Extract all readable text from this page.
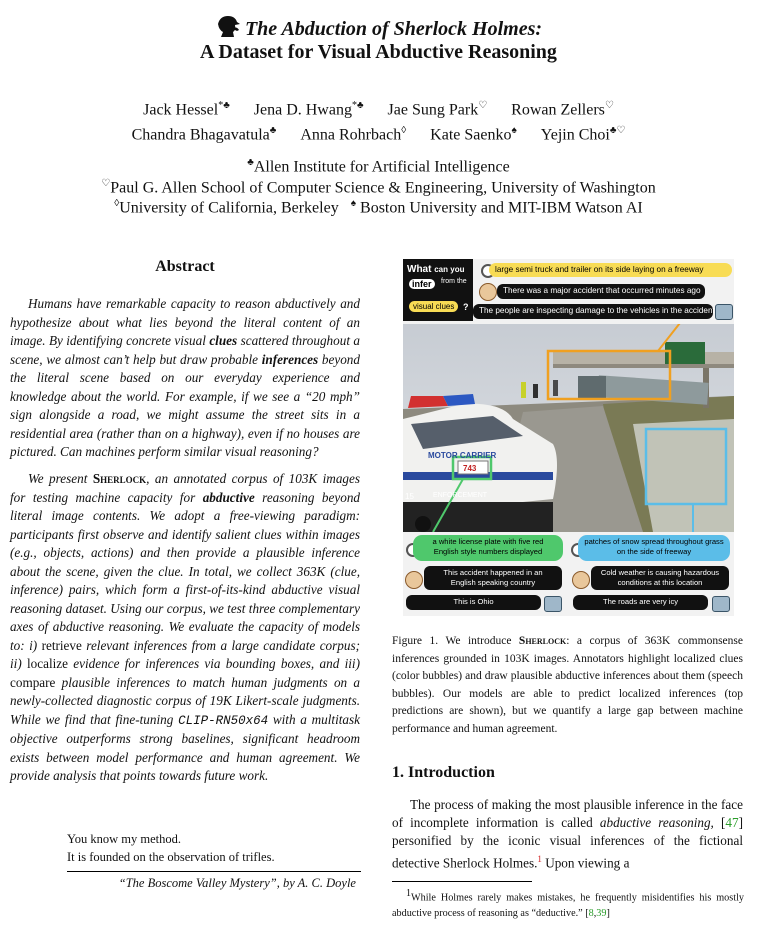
The Abduction of Sherlock Holmes:
A Dataset for Visual Abductive Reasoning
Jack Hessel*♣ Jena D. Hwang*♣ Jae Sung Park♡ Rowan Zellers♡
Chandra Bhagavatula♣ Anna Rohrbach◊ Kate Saenko♠ Yejin Choi♣♡
♣Allen Institute for Artificial Intelligence
♡Paul G. Allen School of Computer Science & Engineering, University of Washington
◊University of California, Berkeley ♠ Boston University and MIT-IBM Watson AI
Abstract
Humans have remarkable capacity to reason abductively and hypothesize about what lies beyond the literal content of an image. By identifying concrete visual clues scattered throughout a scene, we almost can’t help but draw probable inferences beyond the literal scene based on our everyday experience and knowledge about the world. For example, if we see a “20 mph” sign alongside a road, we might assume the street sits in a residential area (rather than on a highway), even if no houses are pictured. Can machines perform similar visual reasoning?
We present Sherlock, an annotated corpus of 103K images for testing machine capacity for abductive reasoning beyond literal image contents. We adopt a free-viewing paradigm: participants first observe and identify salient clues within images (e.g., objects, actions) and then provide a plausible inference about the scene, given the clue. In total, we collect 363K (clue, inference) pairs, which form a first-of-its-kind abductive visual reasoning dataset. Using our corpus, we test three complementary axes of abductive reasoning. We evaluate the capacity of models to: i) retrieve relevant inferences from a large candidate corpus; ii) localize evidence for inferences via bounding boxes, and iii) compare plausible inferences to match human judgments on a newly-collected diagnostic corpus of 19K Likert-scale judgments. While we find that fine-tuning CLIP-RN50x64 with a multitask objective outperforms strong baselines, significant headroom exists between model performance and human agreement. We provide analysis that points towards future work.
You know my method.
It is founded on the observation of trifles.
“The Boscome Valley Mystery”, by A. C. Doyle
What can you
infer	from the
visual clues ?
large semi truck and trailer on its side laying on a freeway
There was a major accident that occurred minutes ago
The people are inspecting damage to the vehicles in the accident
MOTOR CARRIER
743
ENFORCEMENT
15
a white license plate with five red English style numbers displayed
This accident happened in an English speaking country
This is Ohio
patches of snow spread throughout grass on the side of freeway
Cold weather is causing hazardous conditions at this location
The roads are very icy
Figure 1. We introduce Sherlock: a corpus of 363K commonsense inferences grounded in 103K images. Annotators highlight localized clues (color bubbles) and draw plausible abductive inferences about them (speech bubbles). Our models are able to predict localized inferences (top predictions are shown), but we quantify a large gap between machine performance and human agreement.
1. Introduction
The process of making the most plausible inference in the face of incomplete information is called abductive reasoning, [47] personified by the iconic visual inferences of the fictional detective Sherlock Holmes.$^1$ Upon viewing a
$^1$While Holmes rarely makes mistakes, he frequently misidentifies his mostly abductive process of reasoning as “deductive.” [8,39]
